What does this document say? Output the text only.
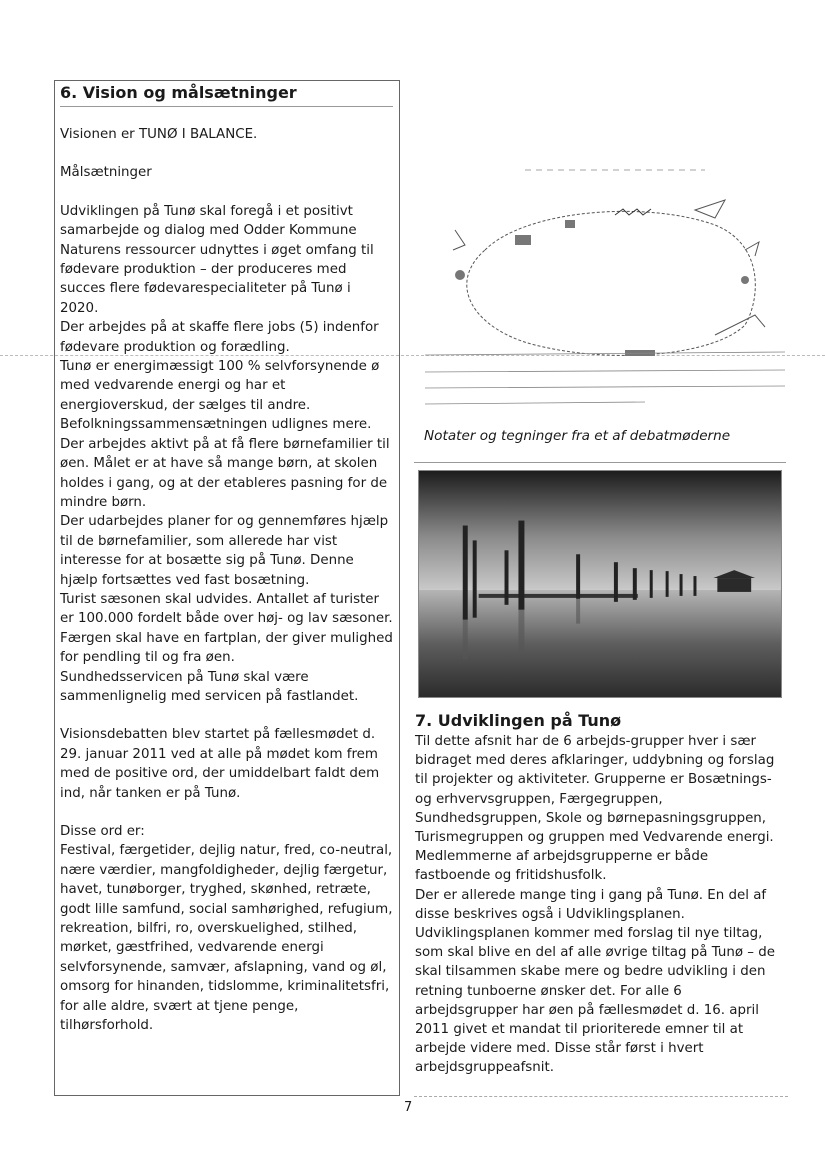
6. Vision og målsætninger

Visionen er TUNØ I BALANCE.

Målsætninger

Udviklingen på Tunø skal foregå i et positivt samarbejde og dialog med Odder Kommune

Naturens ressourcer udnyttes i øget omfang til fødevare produktion – der produceres med succes flere fødevarespecialiteter på Tunø i 2020.

Der arbejdes på at skaffe flere jobs (5) indenfor fødevare produktion og forædling.

Tunø er energimæssigt 100 % selvforsynende ø med vedvarende energi og har et energioverskud, der sælges til andre.

Befolkningssammensætningen udlignes mere.

Der arbejdes aktivt på at få flere børnefamilier til øen. Målet er at have så mange børn, at skolen holdes i gang, og at der etableres pasning for de mindre børn.

Der udarbejdes planer for og gennemføres hjælp til de børnefamilier, som allerede har vist interesse for at bosætte sig på Tunø. Denne hjælp fortsættes ved fast bosætning.

Turist sæsonen skal udvides. Antallet af turister er 100.000 fordelt både over høj- og lav sæsoner.

Færgen skal have en fartplan, der giver mulighed for pendling til og fra øen.

Sundhedsservicen på Tunø skal være sammenlignelig med servicen på fastlandet.

Visionsdebatten blev startet på fællesmødet d. 29. januar 2011 ved at alle på mødet kom frem med de positive ord, der umiddelbart faldt dem ind, når tanken er på Tunø.

Disse ord er:

Festival, færgetider, dejlig natur, fred, co-neutral, nære værdier, mangfoldigheder, dejlig færgetur, havet, tunøborger, tryghed, skønhed, retræte, godt lille samfund, social samhørighed, refugium, rekreation, bilfri, ro, overskuelighed, stilhed, mørket, gæstfrihed, vedvarende energi selvforsynende, samvær, afslapning, vand og øl, omsorg for hinanden, tidslomme, kriminalitetsfri, for alle aldre, svært at tjene penge, tilhørsforhold.

Notater og tegninger fra et af debatmøderne
7. Udviklingen på Tunø

Til dette afsnit har de 6 arbejds-grupper hver i sær bidraget med deres afklaringer, uddybning og forslag til projekter og aktiviteter. Grupperne er Bosætnings- og erhvervsgruppen, Færgegruppen, Sundhedsgruppen, Skole og børnepasningsgruppen, Turismegruppen og gruppen med Vedvarende energi. Medlemmerne af arbejdsgrupperne er både fastboende og fritidshusfolk.

Der er allerede mange ting i gang på Tunø. En del af disse beskrives også i Udviklingsplanen. Udviklingsplanen kommer med forslag til nye tiltag, som skal blive en del af alle øvrige tiltag på Tunø – de skal tilsammen skabe mere og bedre udvikling i den retning tunboerne ønsker det. For alle 6 arbejdsgrupper har øen på fællesmødet d. 16. april 2011 givet et mandat til prioriterede emner til at arbejde videre med. Disse står først i hvert arbejdsgruppeafsnit.

7
